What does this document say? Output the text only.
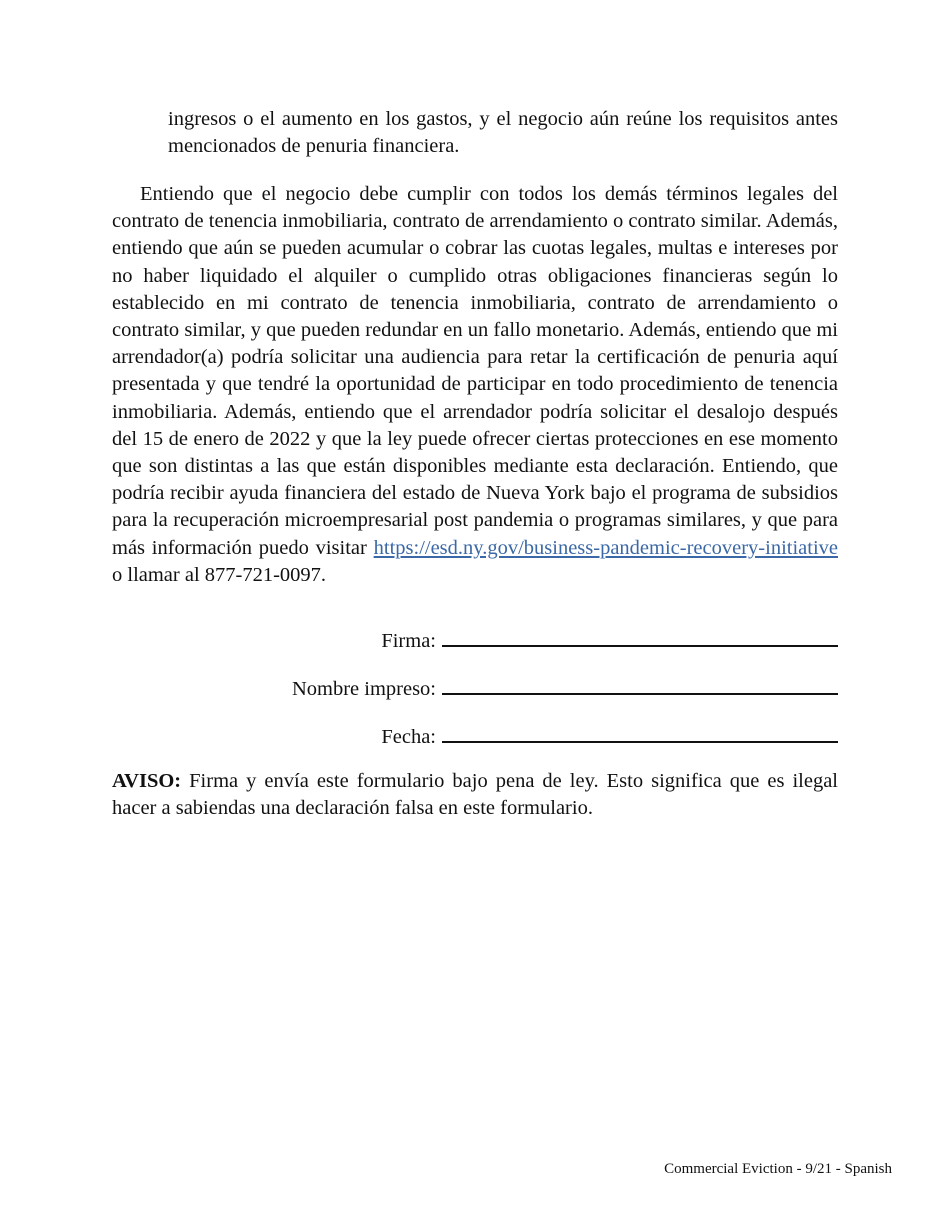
ingresos o el aumento en los gastos, y el negocio aún reúne los requisitos antes mencionados de penuria financiera.

Entiendo que el negocio debe cumplir con todos los demás términos legales del contrato de tenencia inmobiliaria, contrato de arrendamiento o contrato similar. Además, entiendo que aún se pueden acumular o cobrar las cuotas legales, multas e intereses por no haber liquidado el alquiler o cumplido otras obligaciones financieras según lo establecido en mi contrato de tenencia inmobiliaria, contrato de arrendamiento o contrato similar, y que pueden redundar en un fallo monetario. Además, entiendo que mi arrendador(a) podría solicitar una audiencia para retar la certificación de penuria aquí presentada y que tendré la oportunidad de participar en todo procedimiento de tenencia inmobiliaria. Además, entiendo que el arrendador podría solicitar el desalojo después del 15 de enero de 2022 y que la ley puede ofrecer ciertas protecciones en ese momento que son distintas a las que están disponibles mediante esta declaración. Entiendo, que podría recibir ayuda financiera del estado de Nueva York bajo el programa de subsidios para la recuperación microempresarial post pandemia o programas similares, y que para más información puedo visitar https://esd.ny.gov/business-pandemic-recovery-initiative o llamar al 877-721-0097.

Firma:
Nombre impreso:
Fecha:

AVISO: Firma y envía este formulario bajo pena de ley. Esto significa que es ilegal hacer a sabiendas una declaración falsa en este formulario.

Commercial Eviction - 9/21 - Spanish
